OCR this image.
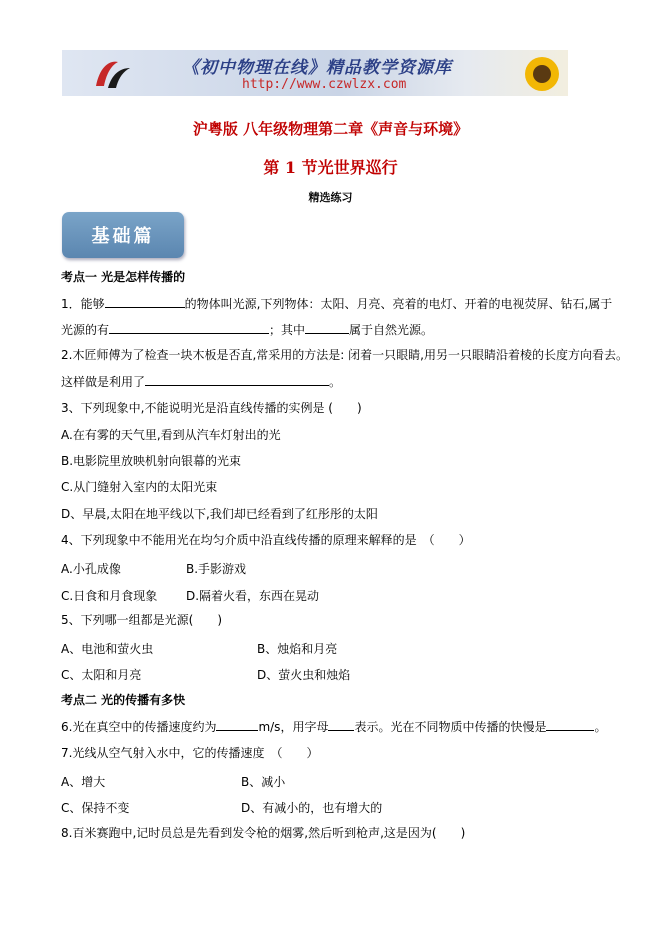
《初中物理在线》精品教学资源库
http://www.czwlzx.com
沪粤版 八年级物理第二章《声音与环境》
第 1 节光世界巡行
精选练习
基础篇
考点一 光是怎样传播的
1．能够	的物体叫光源,下列物体：太阳、月亮、亮着的电灯、开着的电视荧屏、钻石,属于
光源的有	；其中	属于自然光源。
2.木匠师傅为了检查一块木板是否直,常采用的方法是: 闭着一只眼睛,用另一只眼睛沿着棱的长度方向看去。
这样做是利用了	。
3、下列现象中,不能说明光是沿直线传播的实例是 (　　)
A.在有雾的天气里,看到从汽车灯射出的光
B.电影院里放映机射向银幕的光束
C.从门缝射入室内的太阳光束
D、早晨,太阳在地平线以下,我们却已经看到了红彤彤的太阳
4、下列现象中不能用光在均匀介质中沿直线传播的原理来解释的是　（　　）
A.小孔成像	B.手影游戏
C.日食和月食现象 D.隔着火看，东西在晃动
5、下列哪一组都是光源(　　)
A、电池和萤火虫	B、烛焰和月亮
C、太阳和月亮	D、萤火虫和烛焰
考点二 光的传播有多快
6.光在真空中的传播速度约为	m/s，用字母 表示。光在不同物质中传播的快慢是	。
7.光线从空气射入水中，它的传播速度　（　　）
A、增大	B、减小
C、保持不变	D、有减小的，也有增大的
8.百米赛跑中,记时员总是先看到发令枪的烟雾,然后听到枪声,这是因为(　　)
